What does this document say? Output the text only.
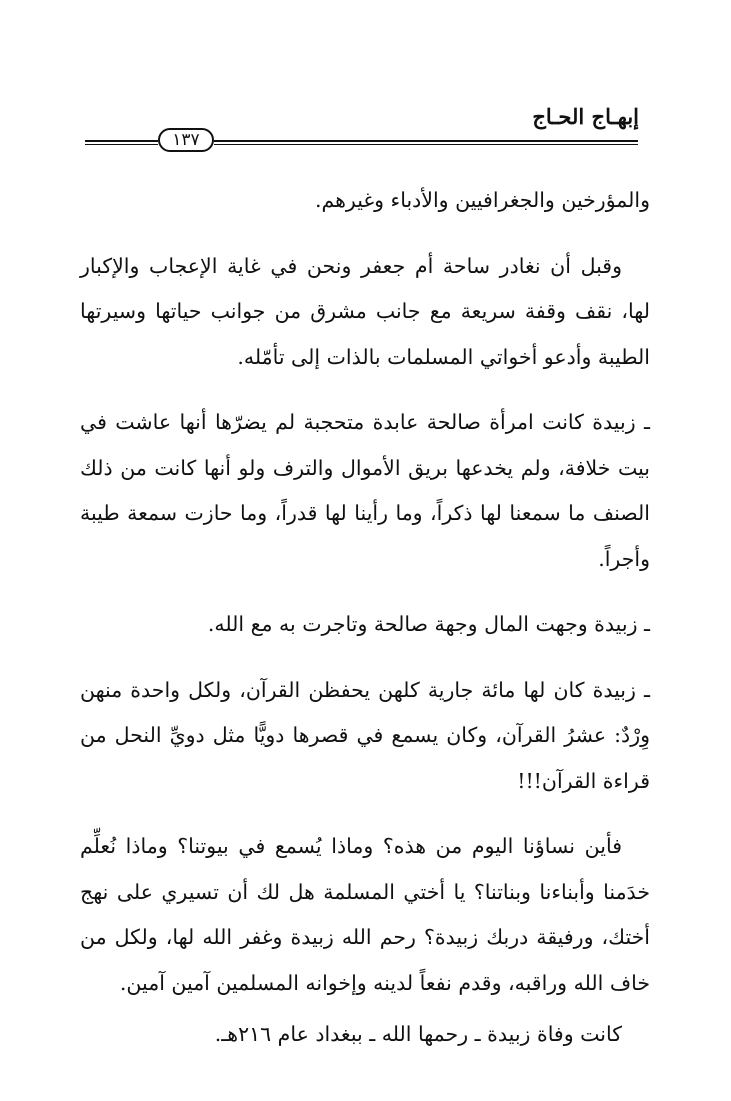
إبهـاج الحـاج
١٣٧

والمؤرخين والجغرافيين والأدباء وغيرهم.

وقبل أن نغادر ساحة أم جعفر ونحن في غاية الإعجاب والإكبار لها، نقف وقفة سريعة مع جانب مشرق من جوانب حياتها وسيرتها الطيبة وأدعو أخواتي المسلمات بالذات إلى تأمّله.

ـ زبيدة كانت امرأة صالحة عابدة متحجبة لم يضرّها أنها عاشت في بيت خلافة، ولم يخدعها بريق الأموال والترف ولو أنها كانت من ذلك الصنف ما سمعنا لها ذكراً، وما رأينا لها قدراً، وما حازت سمعة طيبة وأجراً.

ـ زبيدة وجهت المال وجهة صالحة وتاجرت به مع الله.

ـ زبيدة كان لها مائة جارية كلهن يحفظن القرآن، ولكل واحدة منهن وِرْدٌ: عشرُ القرآن، وكان يسمع في قصرها دويًّا مثل دويِّ النحل من قراءة القرآن!!!

فأين نساؤنا اليوم من هذه؟ وماذا يُسمع في بيوتنا؟ وماذا نُعلِّم خدَمنا وأبناءنا وبناتنا؟ يا أختي المسلمة هل لك أن تسيري على نهج أختك، ورفيقة دربك زبيدة؟ رحم الله زبيدة وغفر الله لها، ولكل من خاف الله وراقبه، وقدم نفعاً لدينه وإخوانه المسلمين آمين آمين.

كانت وفاة زبيدة ـ رحمها الله ـ ببغداد عام ٢١٦هـ.
